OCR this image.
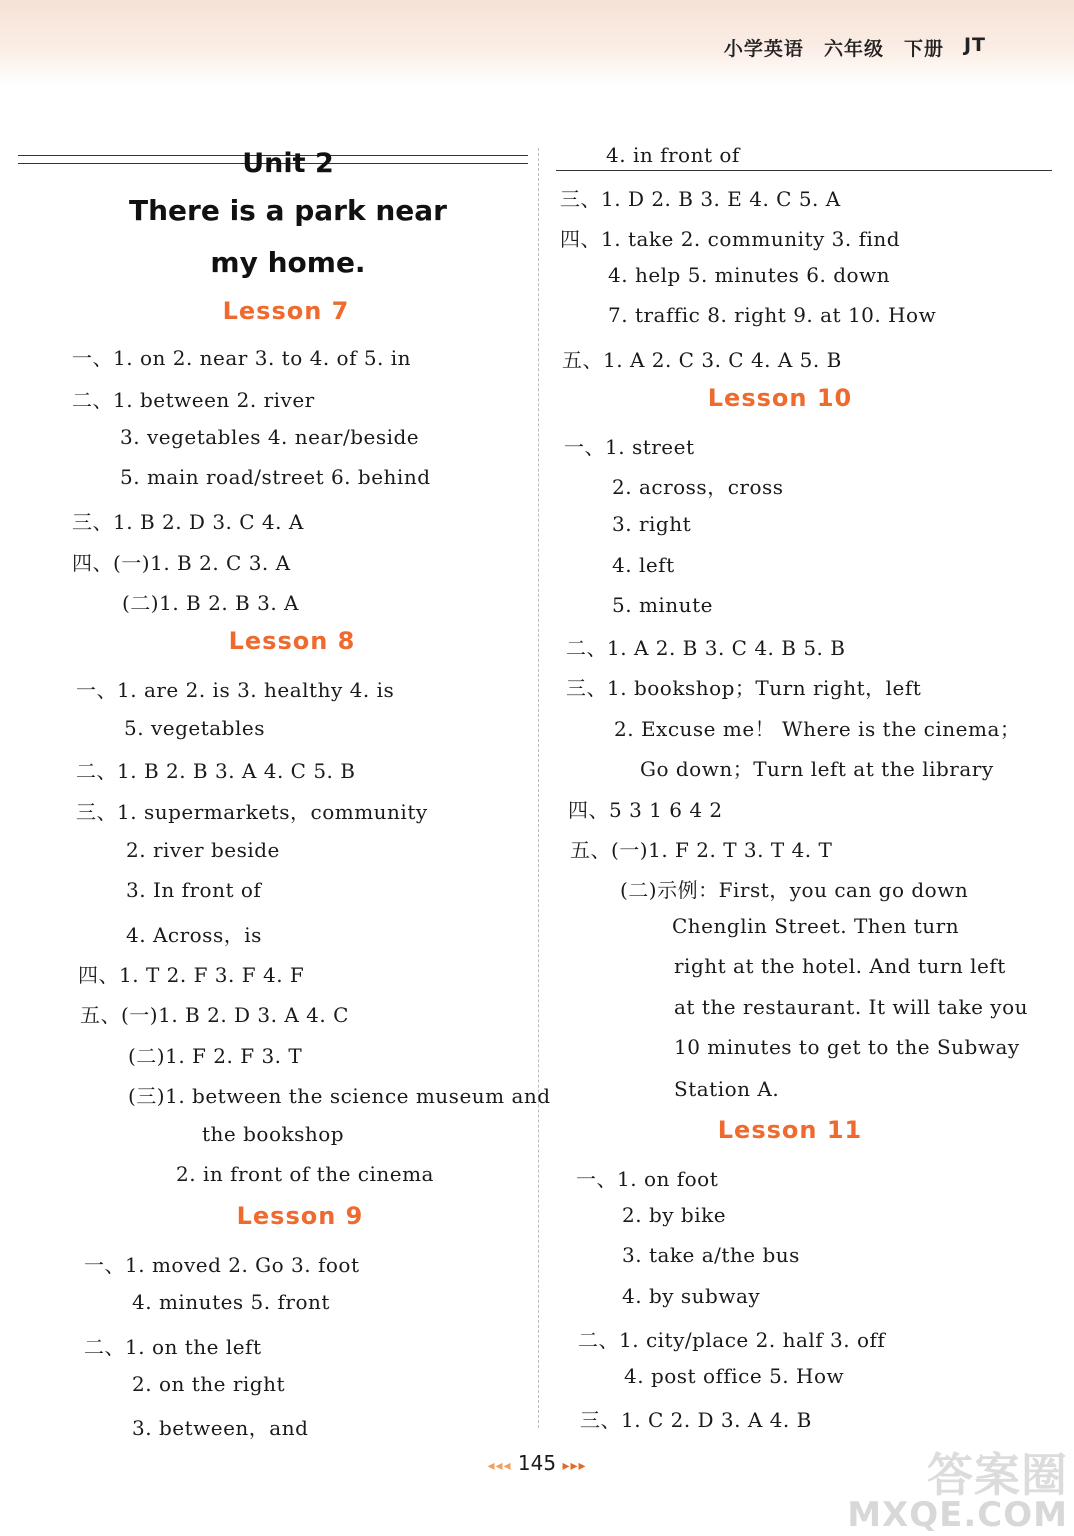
小学英语 六年级 下册 JT
Unit 2
There is a park near
my home.
Lesson 7
Lesson 8
Lesson 9
Lesson 10
Lesson 11
一、1. on 2. near 3. to 4. of 5. in
二、1. between 2. river
3. vegetables 4. near/beside
5. main road/street 6. behind
三、1. B 2. D 3. C 4. A
四、(一)1. B 2. C 3. A
(二)1. B 2. B 3. A
一、1. are 2. is 3. healthy 4. is
5. vegetables
二、1. B 2. B 3. A 4. C 5. B
三、1. supermarkets，community
2. river beside
3. In front of
4. Across，is
四、1. T 2. F 3. F 4. F
五、(一)1. B 2. D 3. A 4. C
(二)1. F 2. F 3. T
(三)1. between the science museum and
the bookshop
2. in front of the cinema
一、1. moved 2. Go 3. foot
4. minutes 5. front
二、1. on the left
2. on the right
3. between，and
4. in front of
三、1. D 2. B 3. E 4. C 5. A
四、1. take 2. community 3. find
4. help 5. minutes 6. down
7. traffic 8. right 9. at 10. How
五、1. A 2. C 3. C 4. A 5. B
一、1. street
2. across，cross
3. right
4. left
5. minute
二、1. A 2. B 3. C 4. B 5. B
三、1. bookshop；Turn right，left
2. Excuse me！ Where is the cinema；
Go down；Turn left at the library
四、5 3 1 6 4 2
五、(一)1. F 2. T 3. T 4. T
(二)示例：First，you can go down
Chenglin Street. Then turn
right at the hotel. And turn left
at the restaurant. It will take you
10 minutes to get to the Subway
Station A.
一、1. on foot
2. by bike
3. take a/the bus
4. by subway
二、1. city/place 2. half 3. off
4. post office 5. How
三、1. C 2. D 3. A 4. B
◂◂◂ 145 ▸▸▸	答案圈
MXQE.COM
